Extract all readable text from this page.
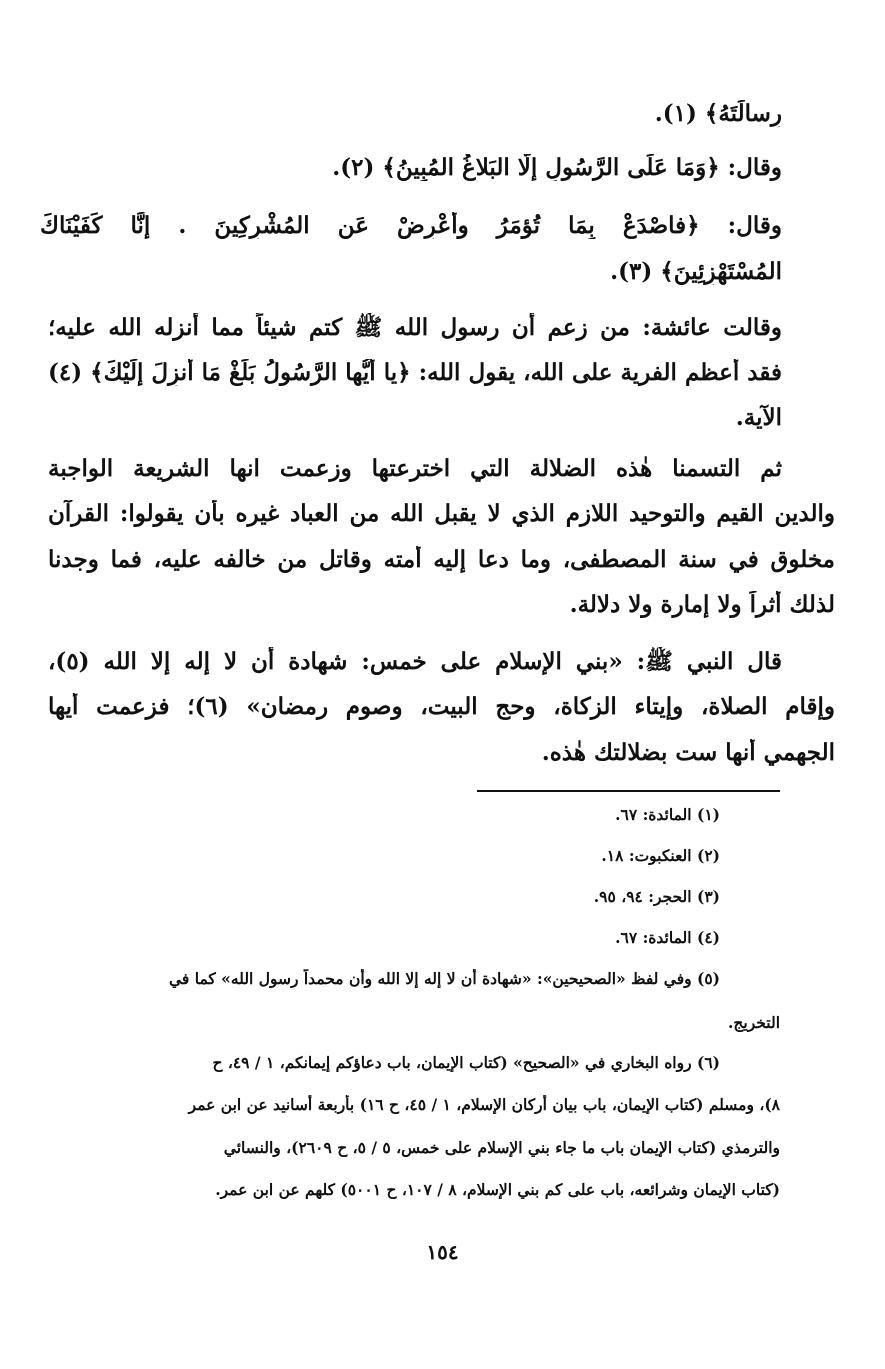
رِسالَتَهُ﴾ (١).
وقال: ﴿وَمَا عَلَى الرَّسُولِ إِلَّا البَلاغُ المُبِينُ﴾ (٢).
وقال: ﴿فاصْدَعْ بِمَا تُؤمَرُ وأعْرِضْ عَنِ المُشْرِكِينَ . إِنَّا كَفَيْنَاكَ
المُسْتَهْزِئِينَ﴾ (٣).
وقالت عائشة: من زعم أن رسول الله ﷺ كتم شيئاً مما أنزله الله عليه؛
فقد أعظم الفرية على الله، يقول الله: ﴿يا أيُّها الرَّسُولُ بَلِّغْ مَا أُنزِلَ إِلَيْكَ﴾ (٤)
الآية.
ثم التسمنا هٰذه الضلالة التي اخترعتها وزعمت انها الشريعة الواجبة
والدين القيم والتوحيد اللازم الذي لا يقبل الله من العباد غيره بأن يقولوا: القرآن
مخلوق في سنة المصطفى، وما دعا إليه أمته وقاتل من خالفه عليه، فما وجدنا
لذلك أثراً ولا إمارة ولا دلالة.
قال النبي ﷺ: «بني الإسلام على خمس: شهادة أن لا إله إلا الله (٥)،
وإقام الصلاة، وإيتاء الزكاة، وحج البيت، وصوم رمضان» (٦)؛ فزعمت أيها
الجهمي أنها ست بضلالتك هٰذه.
(١) المائدة: ٦٧.
(٢) العنكبوت: ١٨.
(٣) الحجر: ٩٤، ٩٥.
(٤) المائدة: ٦٧.
(٥) وفي لفظ «الصحيحين»: «شهادة أن لا إله إلا الله وأن محمداً رسول الله» كما في
التخريج.
(٦) رواه البخاري في «الصحيح» (كتاب الإيمان، باب دعاؤكم إيمانكم، ١ / ٤٩، ح
٨)، ومسلم (كتاب الإيمان، باب بيان أركان الإسلام، ١ / ٤٥، ح ١٦) بأربعة أسانيد عن ابن عمر
والترمذي (كتاب الإيمان باب ما جاء بني الإسلام على خمس، ٥ / ٥، ح ٢٦٠٩)، والنسائي
(كتاب الإيمان وشرائعه، باب على كم بني الإسلام، ٨ / ١٠٧، ح ٥٠٠١) كلهم عن ابن عمر.
١٥٤
